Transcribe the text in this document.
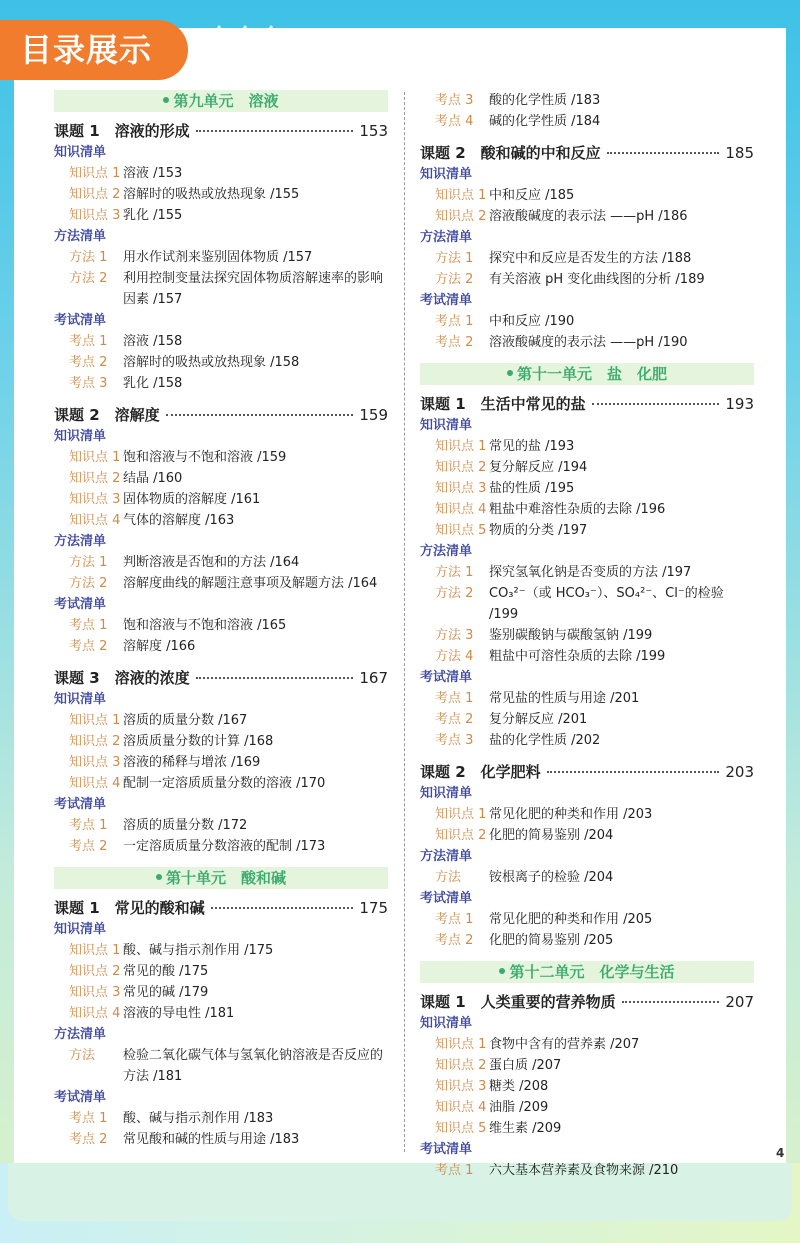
目录展示
第九单元　溶液
课题 1　溶液的形成	153
知识清单
知识点 1 溶液 /153
知识点 2 溶解时的吸热或放热现象 /155
知识点 3 乳化 /155
方法清单
方法 1	用水作试剂来鉴别固体物质 /157
方法 2	利用控制变量法探究固体物质溶解速率的影响因素 /157
考试清单
考点 1	溶液 /158
考点 2	溶解时的吸热或放热现象 /158
考点 3	乳化 /158
课题 2　溶解度	159
知识清单
知识点 1 饱和溶液与不饱和溶液 /159
知识点 2 结晶 /160
知识点 3 固体物质的溶解度 /161
知识点 4 气体的溶解度 /163
方法清单
方法 1	判断溶液是否饱和的方法 /164
方法 2	溶解度曲线的解题注意事项及解题方法 /164
考试清单
考点 1	饱和溶液与不饱和溶液 /165
考点 2	溶解度 /166
课题 3　溶液的浓度	167
知识清单
知识点 1 溶质的质量分数 /167
知识点 2 溶质质量分数的计算 /168
知识点 3 溶液的稀释与增浓 /169
知识点 4 配制一定溶质质量分数的溶液 /170
考试清单
考点 1	溶质的质量分数 /172
考点 2	一定溶质质量分数溶液的配制 /173
第十单元　酸和碱
课题 1　常见的酸和碱	175
知识清单
知识点 1 酸、碱与指示剂作用 /175
知识点 2 常见的酸 /175
知识点 3 常见的碱 /179
知识点 4 溶液的导电性 /181
方法清单
方法	检验二氧化碳气体与氢氧化钠溶液是否反应的方法 /181
考试清单
考点 1	酸、碱与指示剂作用 /183
考点 2	常见酸和碱的性质与用途 /183
考点 3	酸的化学性质 /183
考点 4	碱的化学性质 /184
课题 2　酸和碱的中和反应	185
知识清单
知识点 1 中和反应 /185
知识点 2 溶液酸碱度的表示法 ——pH /186
方法清单
方法 1	探究中和反应是否发生的方法 /188
方法 2	有关溶液 pH 变化曲线图的分析 /189
考试清单
考点 1	中和反应 /190
考点 2	溶液酸碱度的表示法 ——pH /190
第十一单元　盐　化肥
课题 1　生活中常见的盐	193
知识清单
知识点 1 常见的盐 /193
知识点 2 复分解反应 /194
知识点 3 盐的性质 /195
知识点 4 粗盐中难溶性杂质的去除 /196
知识点 5 物质的分类 /197
方法清单
方法 1	探究氢氧化钠是否变质的方法 /197
方法 2	CO₃²⁻（或 HCO₃⁻）、SO₄²⁻、Cl⁻的检验 /199
方法 3	鉴别碳酸钠与碳酸氢钠 /199
方法 4	粗盐中可溶性杂质的去除 /199
考试清单
考点 1	常见盐的性质与用途 /201
考点 2	复分解反应 /201
考点 3	盐的化学性质 /202
课题 2　化学肥料	203
知识清单
知识点 1 常见化肥的种类和作用 /203
知识点 2 化肥的简易鉴别 /204
方法清单
方法	铵根离子的检验 /204
考试清单
考点 1	常见化肥的种类和作用 /205
考点 2	化肥的简易鉴别 /205
第十二单元　化学与生活
课题 1　人类重要的营养物质	207
知识清单
知识点 1 食物中含有的营养素 /207
知识点 2 蛋白质 /207
知识点 3 糖类 /208
知识点 4 油脂 /209
知识点 5 维生素 /209
考试清单
考点 1	六大基本营养素及食物来源 /210
4
